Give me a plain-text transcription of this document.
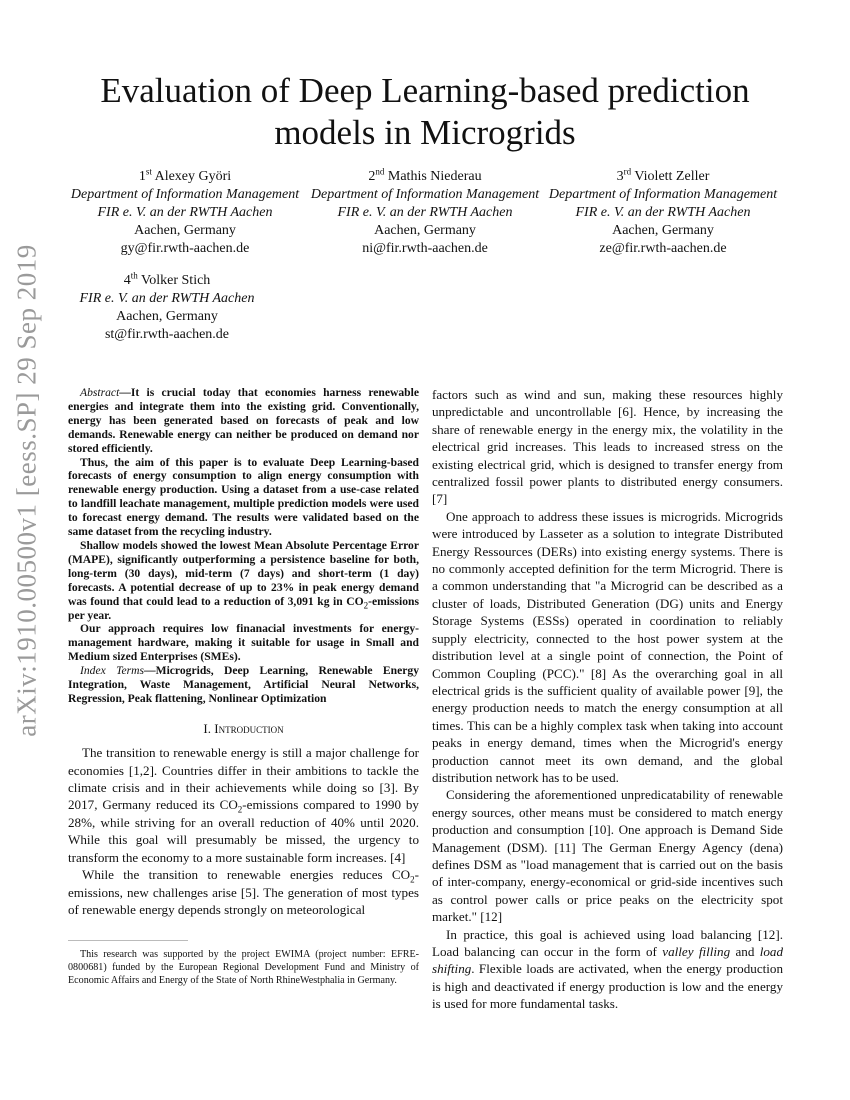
arXiv:1910.00500v1 [eess.SP] 29 Sep 2019
Evaluation of Deep Learning-based prediction models in Microgrids
1st Alexey Györi
Department of Information Management
FIR e. V. an der RWTH Aachen
Aachen, Germany
gy@fir.rwth-aachen.de
2nd Mathis Niederau
Department of Information Management
FIR e. V. an der RWTH Aachen
Aachen, Germany
ni@fir.rwth-aachen.de
3rd Violett Zeller
Department of Information Management
FIR e. V. an der RWTH Aachen
Aachen, Germany
ze@fir.rwth-aachen.de
4th Volker Stich
FIR e. V. an der RWTH Aachen
Aachen, Germany
st@fir.rwth-aachen.de

Abstract—It is crucial today that economies harness renewable energies and integrate them into the existing grid. Conventionally, energy has been generated based on forecasts of peak and low demands. Renewable energy can neither be produced on demand nor stored efficiently.

Thus, the aim of this paper is to evaluate Deep Learning-based forecasts of energy consumption to align energy consumption with renewable energy production. Using a dataset from a use-case related to landfill leachate management, multiple prediction models were used to forecast energy demand. The results were validated based on the same dataset from the recycling industry.

Shallow models showed the lowest Mean Absolute Percentage Error (MAPE), significantly outperforming a persistence baseline for both, long-term (30 days), mid-term (7 days) and short-term (1 day) forecasts. A potential decrease of up to 23% in peak energy demand was found that could lead to a reduction of 3,091 kg in $CO_2$-emissions per year.

Our approach requires low finanacial investments for energy-management hardware, making it suitable for usage in Small and Medium sized Enterprises (SMEs).

Index Terms—Microgrids, Deep Learning, Renewable Energy Integration, Waste Management, Artificial Neural Networks, Regression, Peak flattening, Nonlinear Optimization

I. Introduction

The transition to renewable energy is still a major challenge for economies [1,2]. Countries differ in their ambitions to tackle the climate crisis and in their achievements while doing so [3]. By 2017, Germany reduced its $CO_2$-emissions compared to 1990 by 28%, while striving for an overall reduction of 40% until 2020. While this goal will presumably be missed, the urgency to transform the economy to a more sustainable form increases. [4]

While the transition to renewable energies reduces $CO_2$-emissions, new challenges arise [5]. The generation of most types of renewable energy depends strongly on meteorological

This research was supported by the project EWIMA (project number: EFRE-0800681) funded by the European Regional Development Fund and Ministry of Economic Affairs and Energy of the State of North RhineWestphalia in Germany.

factors such as wind and sun, making these resources highly unpredictable and uncontrollable [6]. Hence, by increasing the share of renewable energy in the energy mix, the volatility in the electrical grid increases. This leads to increased stress on the existing electrical grid, which is designed to transfer energy from centralized fossil power plants to distributed energy consumers. [7]

One approach to address these issues is microgrids. Microgrids were introduced by Lasseter as a solution to integrate Distributed Energy Ressources (DERs) into existing energy systems. There is no commonly accepted definition for the term Microgrid. There is a common understanding that "a Microgrid can be described as a cluster of loads, Distributed Generation (DG) units and Energy Storage Systems (ESSs) operated in coordination to reliably supply electricity, connected to the host power system at the distribution level at a single point of connection, the Point of Common Coupling (PCC)." [8] As the overarching goal in all electrical grids is the sufficient quality of available power [9], the energy production needs to match the energy consumption at all times. This can be a highly complex task when taking into account peaks in energy demand, times when the Microgrid's energy production cannot meet its own demand, and the global distribution network has to be used.

Considering the aforementioned unpredicatability of renewable energy sources, other means must be considered to match energy production and consumption [10]. One approach is Demand Side Management (DSM). [11] The German Energy Agency (dena) defines DSM as "load management that is carried out on the basis of inter-company, energy-economical or grid-side incentives such as control power calls or price peaks on the electricity spot market." [12]

In practice, this goal is achieved using load balancing [12]. Load balancing can occur in the form of valley filling and load shifting. Flexible loads are activated, when the energy production is high and deactivated if energy production is low and the energy is used for more fundamental tasks.
